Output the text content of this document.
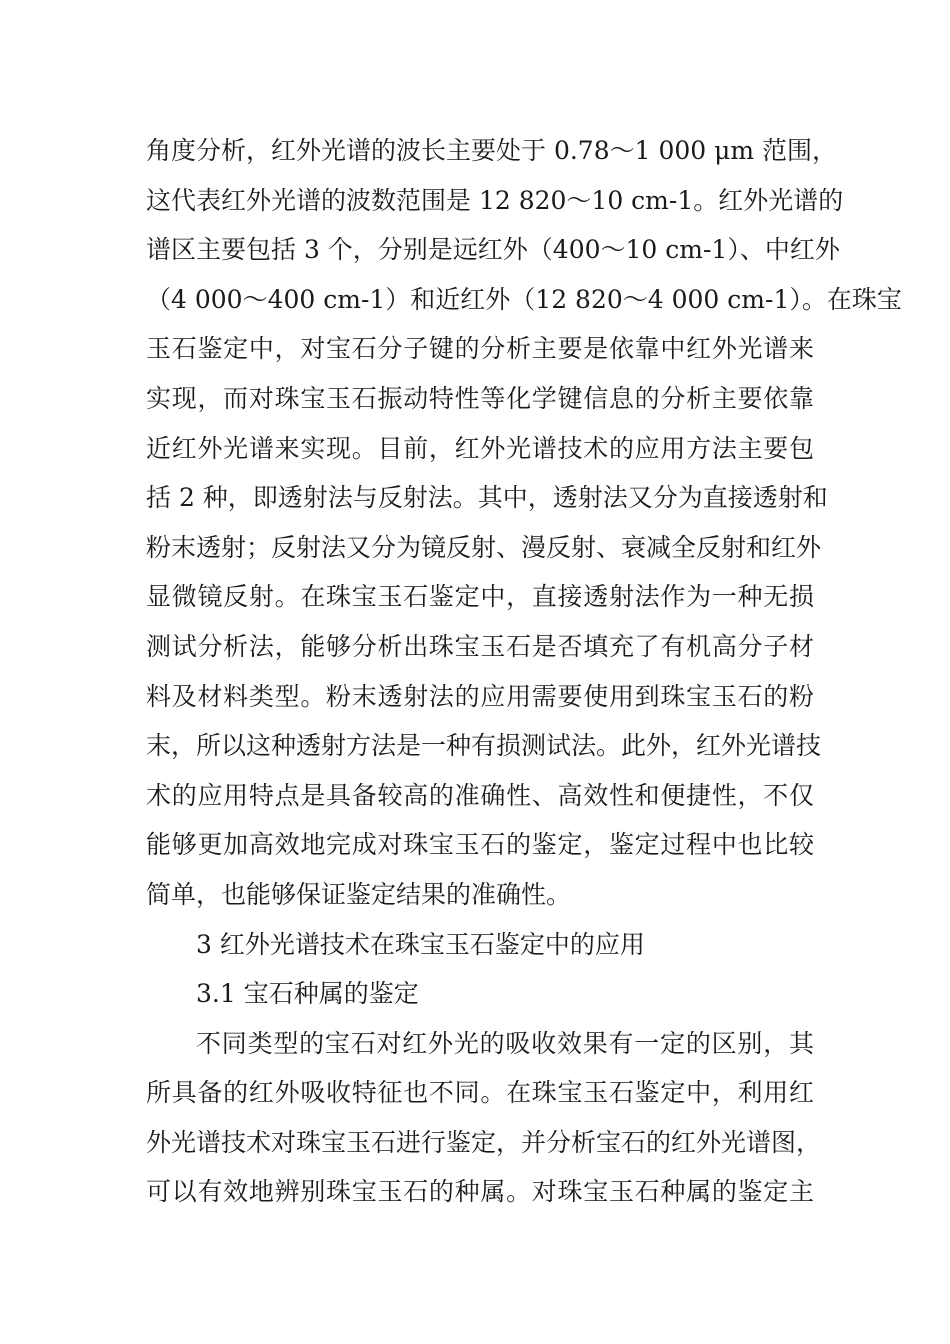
角度分析，红外光谱的波长主要处于 0.78～1 000 μm 范围，
这代表红外光谱的波数范围是 12 820～10 cm-1。红外光谱的
谱区主要包括 3 个，分别是远红外（400～10 cm-1）、中红外
（4 000～400 cm-1）和近红外（12 820～4 000 cm-1）。在珠宝
玉石鉴定中，对宝石分子键的分析主要是依靠中红外光谱来
实现，而对珠宝玉石振动特性等化学键信息的分析主要依靠
近红外光谱来实现。目前，红外光谱技术的应用方法主要包
括 2 种，即透射法与反射法。其中，透射法又分为直接透射和
粉末透射；反射法又分为镜反射、漫反射、衰减全反射和红外
显微镜反射。在珠宝玉石鉴定中，直接透射法作为一种无损
测试分析法，能够分析出珠宝玉石是否填充了有机高分子材
料及材料类型。粉末透射法的应用需要使用到珠宝玉石的粉
末，所以这种透射方法是一种有损测试法。此外，红外光谱技
术的应用特点是具备较高的准确性、高效性和便捷性，不仅
能够更加高效地完成对珠宝玉石的鉴定，鉴定过程中也比较
简单，也能够保证鉴定结果的准确性。
3 红外光谱技术在珠宝玉石鉴定中的应用
3.1 宝石种属的鉴定
不同类型的宝石对红外光的吸收效果有一定的区别，其
所具备的红外吸收特征也不同。在珠宝玉石鉴定中，利用红
外光谱技术对珠宝玉石进行鉴定，并分析宝石的红外光谱图，
可以有效地辨别珠宝玉石的种属。对珠宝玉石种属的鉴定主
